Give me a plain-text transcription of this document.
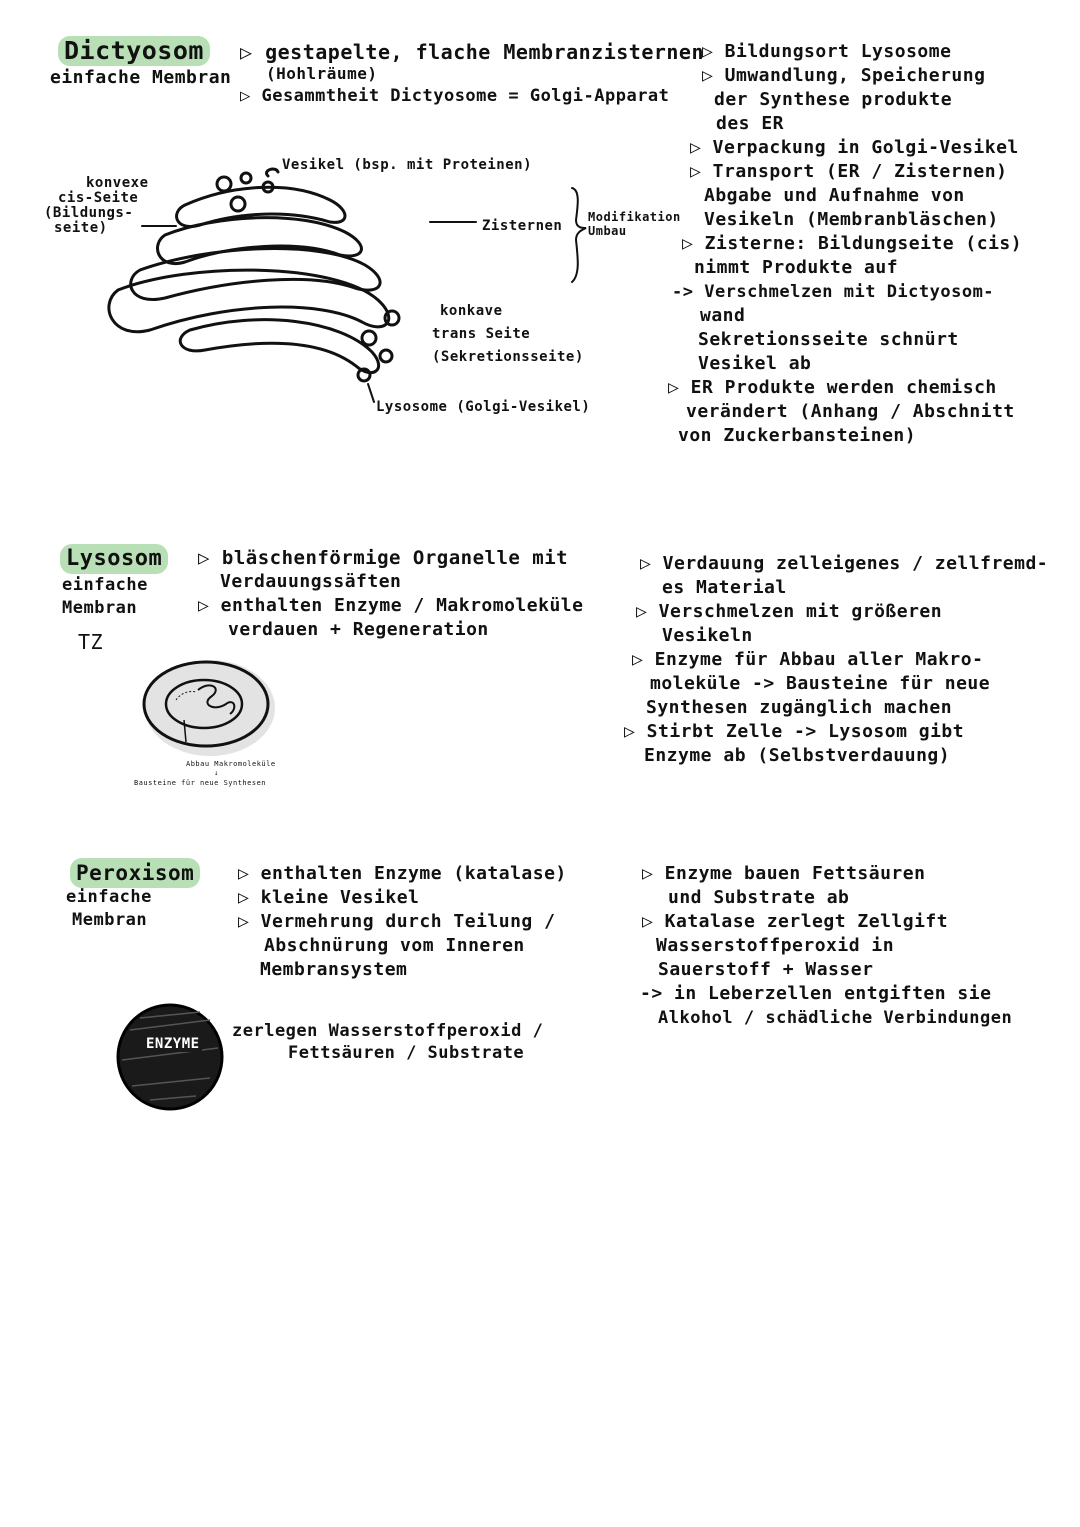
Dictyosom
einfache Membran
▷ gestapelte, flache Membranzisternen
(Hohlräume)
▷ Gesammtheit Dictyosome = Golgi-Apparat
Vesikel (bsp. mit Proteinen)
konvexe
cis-Seite
(Bildungs-
seite)	Zisternen
Modifikation
Umbau
konkave
trans Seite
(Sekretionsseite)
Lysosome (Golgi-Vesikel)
▷ Bildungsort Lysosome
▷ Umwandlung, Speicherung
der Synthese produkte
des ER
▷ Verpackung in Golgi-Vesikel
▷ Transport (ER / Zisternen)
Abgabe und Aufnahme von
Vesikeln (Membranbläschen)
▷ Zisterne: Bildungseite (cis)
nimmt Produkte auf
-> Verschmelzen mit Dictyosom-
wand
Sekretionsseite schnürt
Vesikel ab
▷ ER Produkte werden chemisch
verändert (Anhang / Abschnitt
von Zuckerbansteinen)
Lysosom
einfache
Membran
TZ
▷ bläschenförmige Organelle mit
Verdauungssäften
▷ enthalten Enzyme / Makromoleküle
verdauen + Regeneration
Abbau Makromoleküle
↓
Bausteine für neue Synthesen
▷ Verdauung zelleigenes / zellfremd-
es Material
▷ Verschmelzen mit größeren
Vesikeln
▷ Enzyme für Abbau aller Makro-
moleküle -> Bausteine für neue
Synthesen zugänglich machen
▷ Stirbt Zelle -> Lysosom gibt
Enzyme ab (Selbstverdauung)
Peroxisom
einfache
Membran
▷ enthalten Enzyme (katalase)
▷ kleine Vesikel
▷ Vermehrung durch Teilung /
Abschnürung vom Inneren
Membransystem
ENZYME
zerlegen Wasserstoffperoxid /
Fettsäuren / Substrate
▷ Enzyme bauen Fettsäuren
und Substrate ab
▷ Katalase zerlegt Zellgift
Wasserstoffperoxid in
Sauerstoff + Wasser
-> in Leberzellen entgiften sie
Alkohol / schädliche Verbindungen
